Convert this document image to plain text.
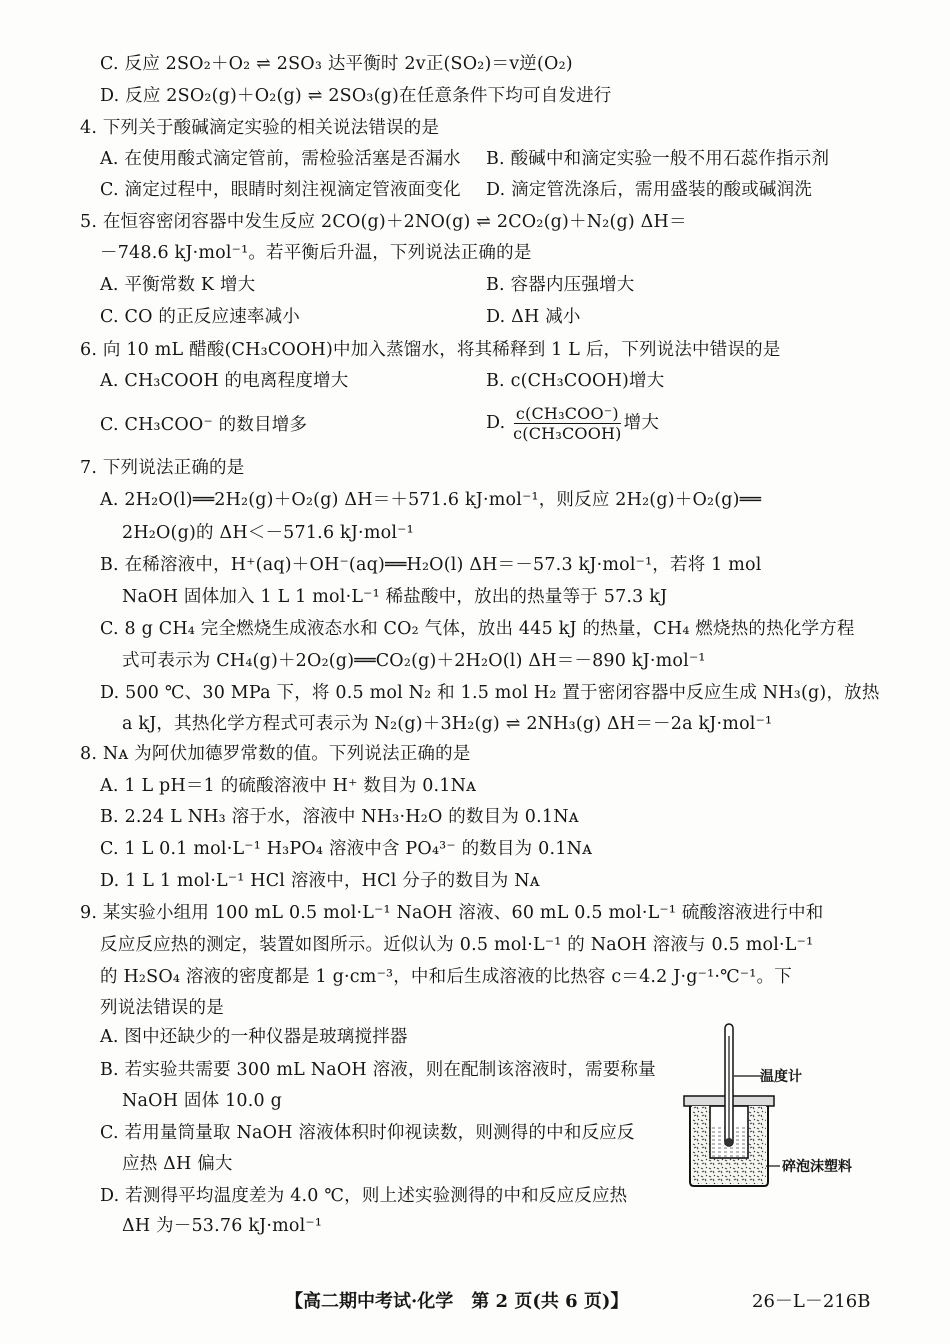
C. 反应 2SO₂＋O₂ ⇌ 2SO₃ 达平衡时 2v正(SO₂)＝v逆(O₂)
D. 反应 2SO₂(g)＋O₂(g) ⇌ 2SO₃(g)在任意条件下均可自发进行
4. 下列关于酸碱滴定实验的相关说法错误的是
A. 在使用酸式滴定管前，需检验活塞是否漏水 B. 酸碱中和滴定实验一般不用石蕊作指示剂
C. 滴定过程中，眼睛时刻注视滴定管液面变化 D. 滴定管洗涤后，需用盛装的酸或碱润洗
5. 在恒容密闭容器中发生反应 2CO(g)＋2NO(g) ⇌ 2CO₂(g)＋N₂(g) ΔH＝
－748.6 kJ·mol⁻¹。若平衡后升温，下列说法正确的是
A. 平衡常数 K 增大	B. 容器内压强增大
C. CO 的正反应速率减小	D. ΔH 减小
6. 向 10 mL 醋酸(CH₃COOH)中加入蒸馏水，将其稀释到 1 L 后，下列说法中错误的是
A. CH₃COOH 的电离程度增大	B. c(CH₃COOH)增大
C. CH₃COO⁻ 的数目增多	D. $\frac{\text{c(CH₃COO⁻)}}{\text{c(CH₃COOH)}}$ 增大
7. 下列说法正确的是
A. 2H₂O(l)══2H₂(g)＋O₂(g) ΔH＝＋571.6 kJ·mol⁻¹，则反应 2H₂(g)＋O₂(g)══
2H₂O(g)的 ΔH＜－571.6 kJ·mol⁻¹
B. 在稀溶液中，H⁺(aq)＋OH⁻(aq)══H₂O(l) ΔH＝－57.3 kJ·mol⁻¹，若将 1 mol
NaOH 固体加入 1 L 1 mol·L⁻¹ 稀盐酸中，放出的热量等于 57.3 kJ
C. 8 g CH₄ 完全燃烧生成液态水和 CO₂ 气体，放出 445 kJ 的热量，CH₄ 燃烧热的热化学方程
式可表示为 CH₄(g)＋2O₂(g)══CO₂(g)＋2H₂O(l) ΔH＝－890 kJ·mol⁻¹
D. 500 ℃、30 MPa 下，将 0.5 mol N₂ 和 1.5 mol H₂ 置于密闭容器中反应生成 NH₃(g)，放热
a kJ，其热化学方程式可表示为 N₂(g)＋3H₂(g) ⇌ 2NH₃(g) ΔH＝－2a kJ·mol⁻¹
8. Nᴀ 为阿伏加德罗常数的值。下列说法正确的是
A. 1 L pH＝1 的硫酸溶液中 H⁺ 数目为 0.1Nᴀ
B. 2.24 L NH₃ 溶于水，溶液中 NH₃·H₂O 的数目为 0.1Nᴀ
C. 1 L 0.1 mol·L⁻¹ H₃PO₄ 溶液中含 PO₄³⁻ 的数目为 0.1Nᴀ
D. 1 L 1 mol·L⁻¹ HCl 溶液中，HCl 分子的数目为 Nᴀ
9. 某实验小组用 100 mL 0.5 mol·L⁻¹ NaOH 溶液、60 mL 0.5 mol·L⁻¹ 硫酸溶液进行中和
反应反应热的测定，装置如图所示。近似认为 0.5 mol·L⁻¹ 的 NaOH 溶液与 0.5 mol·L⁻¹
的 H₂SO₄ 溶液的密度都是 1 g·cm⁻³，中和后生成溶液的比热容 c＝4.2 J·g⁻¹·℃⁻¹。下
列说法错误的是
A. 图中还缺少的一种仪器是玻璃搅拌器
B. 若实验共需要 300 mL NaOH 溶液，则在配制该溶液时，需要称量
NaOH 固体 10.0 g
C. 若用量筒量取 NaOH 溶液体积时仰视读数，则测得的中和反应反
应热 ΔH 偏大
D. 若测得平均温度差为 4.0 ℃，则上述实验测得的中和反应反应热
ΔH 为－53.76 kJ·mol⁻¹
温度计
碎泡沫塑料
【高二期中考试·化学　第 2 页(共 6 页)】	26－L－216B
